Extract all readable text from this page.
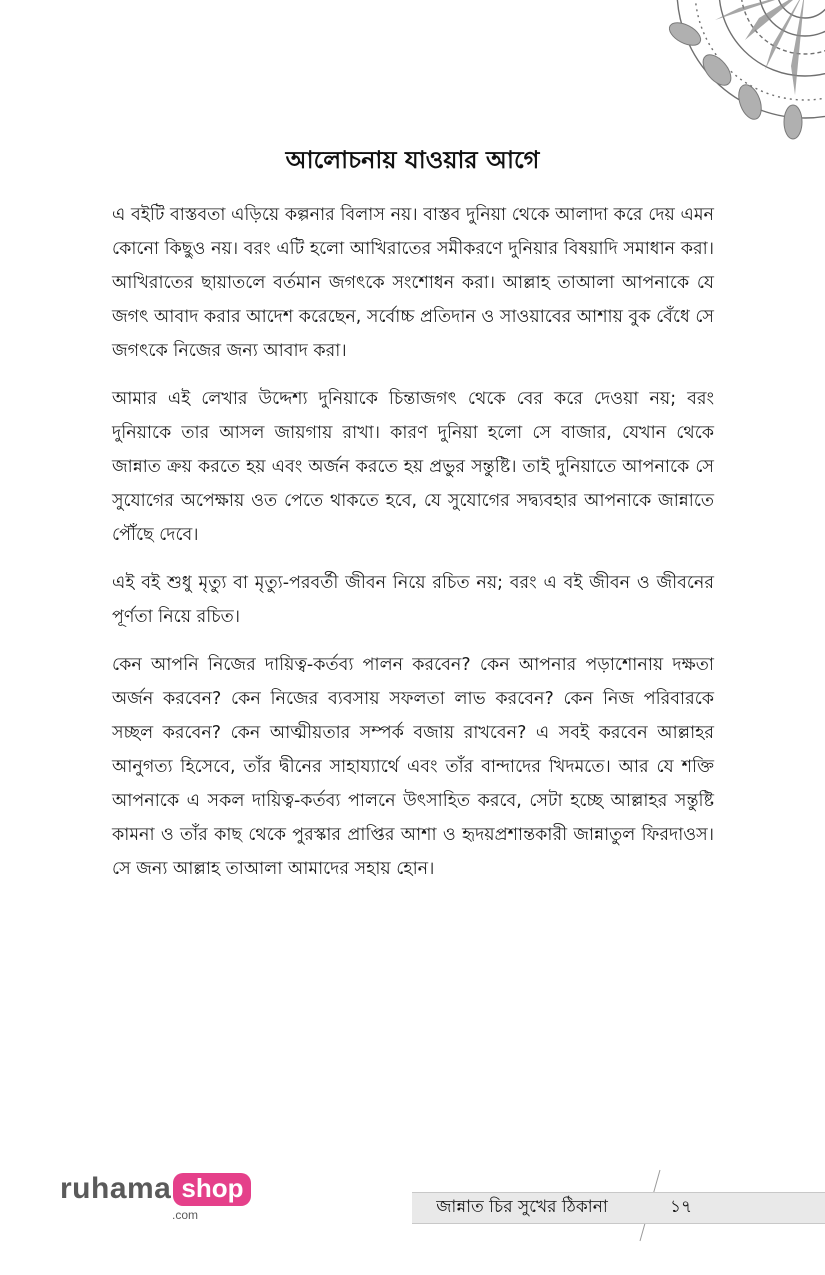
আলোচনায় যাওয়ার আগে

এ বইটি বাস্তবতা এড়িয়ে কল্পনার বিলাস নয়। বাস্তব দুনিয়া থেকে আলাদা করে দেয় এমন কোনো কিছুও নয়। বরং এটি হলো আখিরাতের সমীকরণে দুনিয়ার বিষয়াদি সমাধান করা। আখিরাতের ছায়াতলে বর্তমান জগৎকে সংশোধন করা। আল্লাহ তাআলা আপনাকে যে জগৎ আবাদ করার আদেশ করেছেন, সর্বোচ্চ প্রতিদান ও সাওয়াবের আশায় বুক বেঁধে সে জগৎকে নিজের জন্য আবাদ করা।

আমার এই লেখার উদ্দেশ্য দুনিয়াকে চিন্তাজগৎ থেকে বের করে দেওয়া নয়; বরং দুনিয়াকে তার আসল জায়গায় রাখা। কারণ দুনিয়া হলো সে বাজার, যেখান থেকে জান্নাত ক্রয় করতে হয় এবং অর্জন করতে হয় প্রভুর সন্তুষ্টি। তাই দুনিয়াতে আপনাকে সে সুযোগের অপেক্ষায় ওত পেতে থাকতে হবে, যে সুযোগের সদ্ব্যবহার আপনাকে জান্নাতে পৌঁছে দেবে।

এই বই শুধু মৃত্যু বা মৃত্যু-পরবর্তী জীবন নিয়ে রচিত নয়; বরং এ বই জীবন ও জীবনের পূর্ণতা নিয়ে রচিত।

কেন আপনি নিজের দায়িত্ব-কর্তব্য পালন করবেন? কেন আপনার পড়াশোনায় দক্ষতা অর্জন করবেন? কেন নিজের ব্যবসায় সফলতা লাভ করবেন? কেন নিজ পরিবারকে সচ্ছল করবেন? কেন আত্মীয়তার সম্পর্ক বজায় রাখবেন? এ সবই করবেন আল্লাহর আনুগত্য হিসেবে, তাঁর দ্বীনের সাহায্যার্থে এবং তাঁর বান্দাদের খিদমতে। আর যে শক্তি আপনাকে এ সকল দায়িত্ব-কর্তব্য পালনে উৎসাহিত করবে, সেটা হচ্ছে আল্লাহর সন্তুষ্টি কামনা ও তাঁর কাছ থেকে পুরস্কার প্রাপ্তির আশা ও হৃদয়প্রশান্তকারী জান্নাতুল ফিরদাওস। সে জন্য আল্লাহ তাআলা আমাদের সহায় হোন।

ruhama shop
.com	জান্নাত চির সুখের ঠিকানা	১৭
